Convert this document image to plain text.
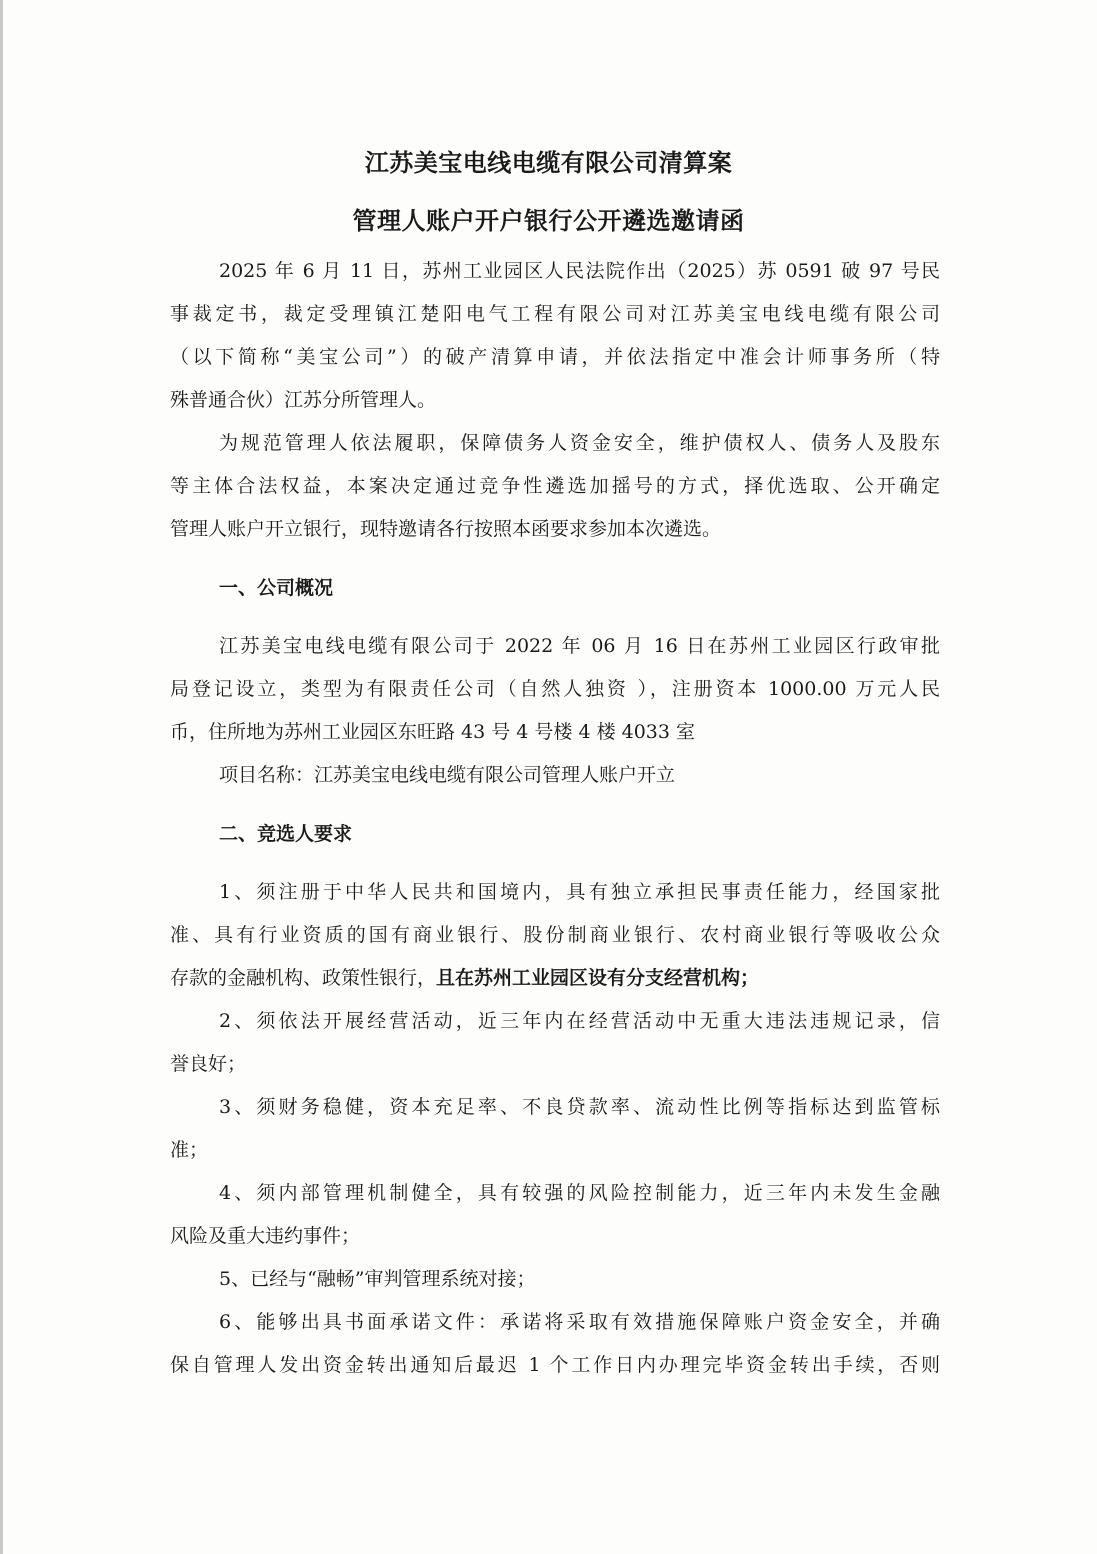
江苏美宝电线电缆有限公司清算案
管理人账户开户银行公开遴选邀请函

2025 年 6 月 11 日，苏州工业园区人民法院作出（2025）苏 0591 破 97 号民

事裁定书，裁定受理镇江楚阳电气工程有限公司对江苏美宝电线电缆有限公司

（以下简称“美宝公司”）的破产清算申请，并依法指定中准会计师事务所（特

殊普通合伙）江苏分所管理人。

为规范管理人依法履职，保障债务人资金安全，维护债权人、债务人及股东

等主体合法权益，本案决定通过竞争性遴选加摇号的方式，择优选取、公开确定

管理人账户开立银行，现特邀请各行按照本函要求参加本次遴选。

一、公司概况

江苏美宝电线电缆有限公司于 2022 年 06 月 16 日在苏州工业园区行政审批

局登记设立，类型为有限责任公司（自然人独资 ），注册资本 1000.00 万元人民

币，住所地为苏州工业园区东旺路 43 号 4 号楼 4 楼 4033 室

项目名称：江苏美宝电线电缆有限公司管理人账户开立

二、竞选人要求

1、须注册于中华人民共和国境内，具有独立承担民事责任能力，经国家批

准、具有行业资质的国有商业银行、股份制商业银行、农村商业银行等吸收公众

存款的金融机构、政策性银行，且在苏州工业园区设有分支经营机构；

2、须依法开展经营活动，近三年内在经营活动中无重大违法违规记录，信

誉良好；

3、须财务稳健，资本充足率、不良贷款率、流动性比例等指标达到监管标

准；

4、须内部管理机制健全，具有较强的风险控制能力，近三年内未发生金融

风险及重大违约事件；

5、已经与“融畅”审判管理系统对接；

6、能够出具书面承诺文件：承诺将采取有效措施保障账户资金安全，并确

保自管理人发出资金转出通知后最迟 1 个工作日内办理完毕资金转出手续，否则
